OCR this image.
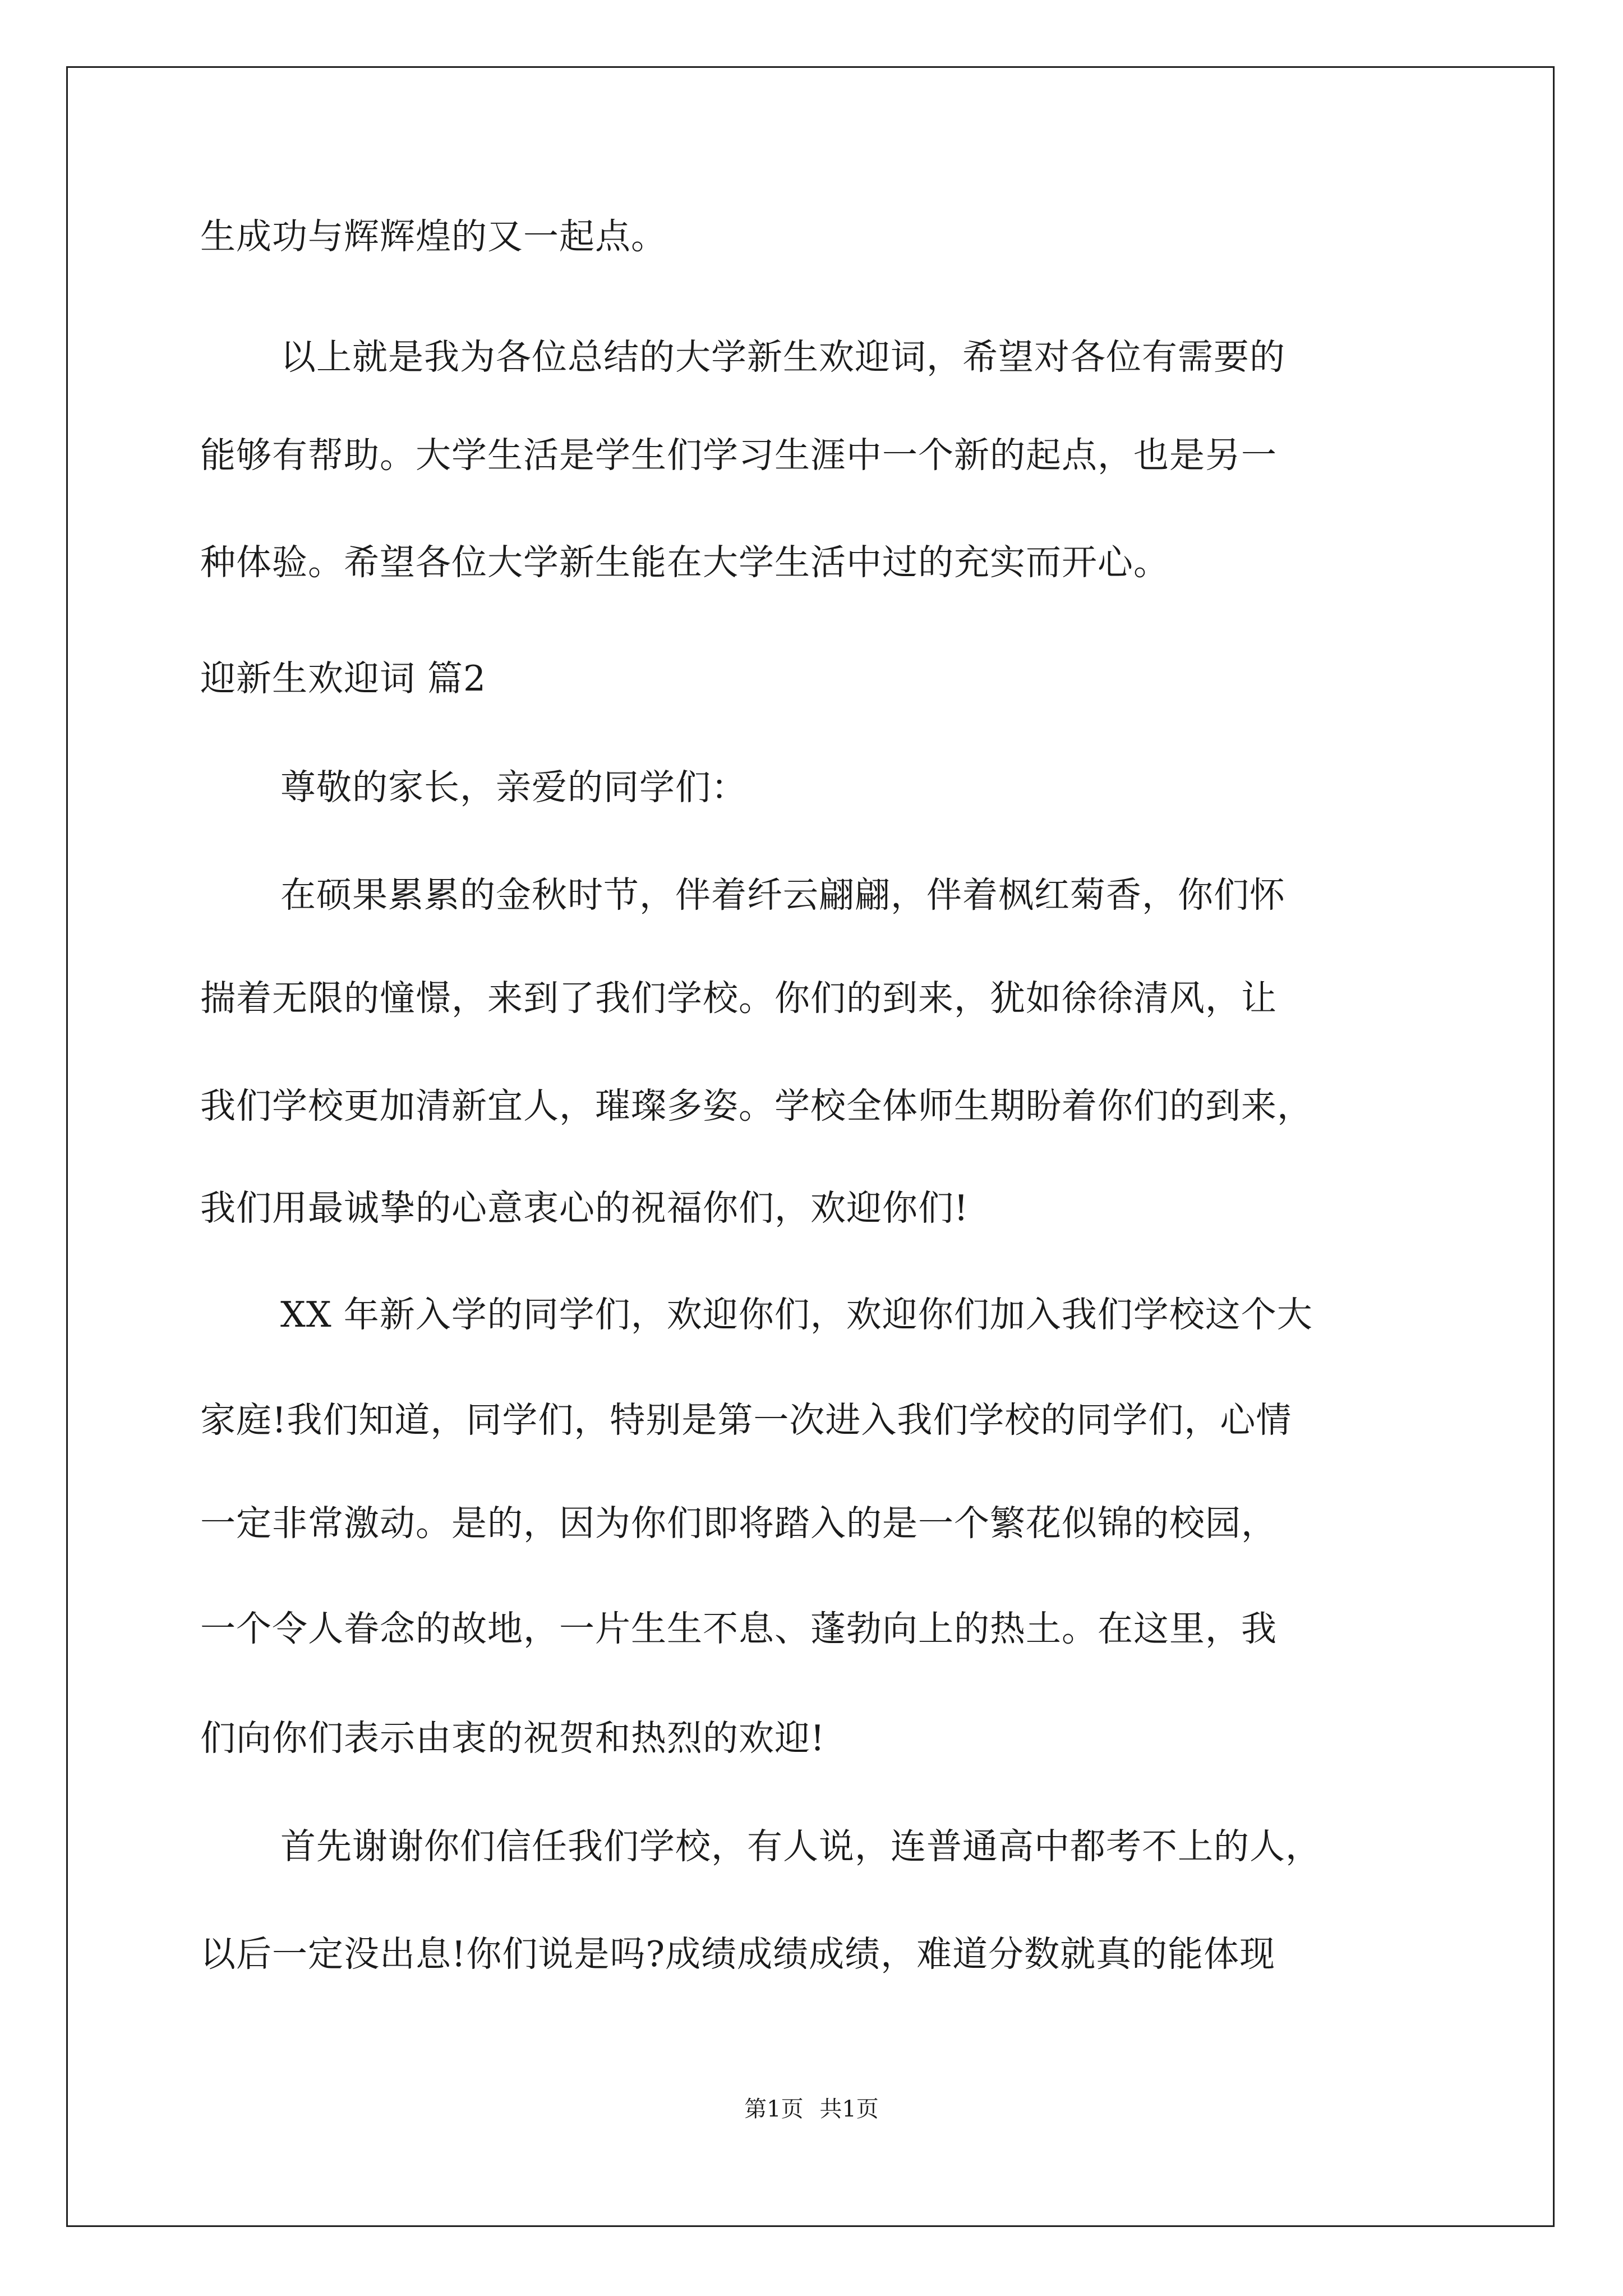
生成功与辉辉煌的又一起点。

以上就是我为各位总结的大学新生欢迎词，希望对各位有需要的

能够有帮助。大学生活是学生们学习生涯中一个新的起点，也是另一

种体验。希望各位大学新生能在大学生活中过的充实而开心。

迎新生欢迎词 篇2

尊敬的家长，亲爱的同学们：

在硕果累累的金秋时节，伴着纤云翩翩，伴着枫红菊香，你们怀

揣着无限的憧憬，来到了我们学校。你们的到来，犹如徐徐清风，让

我们学校更加清新宜人，璀璨多姿。学校全体师生期盼着你们的到来，

我们用最诚挚的心意衷心的祝福你们，欢迎你们!

XX 年新入学的同学们，欢迎你们，欢迎你们加入我们学校这个大

家庭!我们知道，同学们，特别是第一次进入我们学校的同学们，心情

一定非常激动。是的，因为你们即将踏入的是一个繁花似锦的校园，

一个令人眷念的故地，一片生生不息、蓬勃向上的热土。在这里，我

们向你们表示由衷的祝贺和热烈的欢迎!

首先谢谢你们信任我们学校，有人说，连普通高中都考不上的人，

以后一定没出息!你们说是吗?成绩成绩成绩，难道分数就真的能体现

第1页 共1页
